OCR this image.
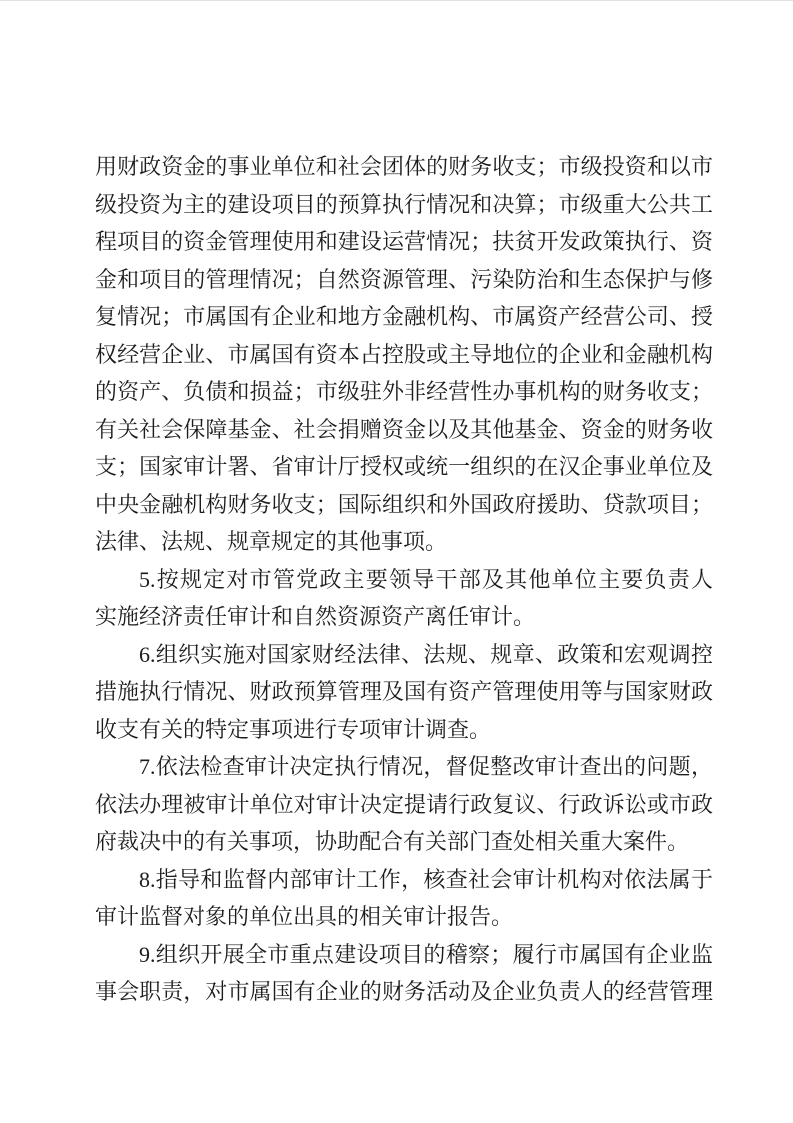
用财政资金的事业单位和社会团体的财务收支；市级投资和以市
级投资为主的建设项目的预算执行情况和决算；市级重大公共工
程项目的资金管理使用和建设运营情况；扶贫开发政策执行、资
金和项目的管理情况；自然资源管理、污染防治和生态保护与修
复情况；市属国有企业和地方金融机构、市属资产经营公司、授
权经营企业、市属国有资本占控股或主导地位的企业和金融机构
的资产、负债和损益；市级驻外非经营性办事机构的财务收支；
有关社会保障基金、社会捐赠资金以及其他基金、资金的财务收
支；国家审计署、省审计厅授权或统一组织的在汉企事业单位及
中央金融机构财务收支；国际组织和外国政府援助、贷款项目；
法律、法规、规章规定的其他事项。
5.按规定对市管党政主要领导干部及其他单位主要负责人
实施经济责任审计和自然资源资产离任审计。
6.组织实施对国家财经法律、法规、规章、政策和宏观调控
措施执行情况、财政预算管理及国有资产管理使用等与国家财政
收支有关的特定事项进行专项审计调查。
7.依法检查审计决定执行情况，督促整改审计查出的问题，
依法办理被审计单位对审计决定提请行政复议、行政诉讼或市政
府裁决中的有关事项，协助配合有关部门查处相关重大案件。
8.指导和监督内部审计工作，核查社会审计机构对依法属于
审计监督对象的单位出具的相关审计报告。
9.组织开展全市重点建设项目的稽察；履行市属国有企业监
事会职责，对市属国有企业的财务活动及企业负责人的经营管理
